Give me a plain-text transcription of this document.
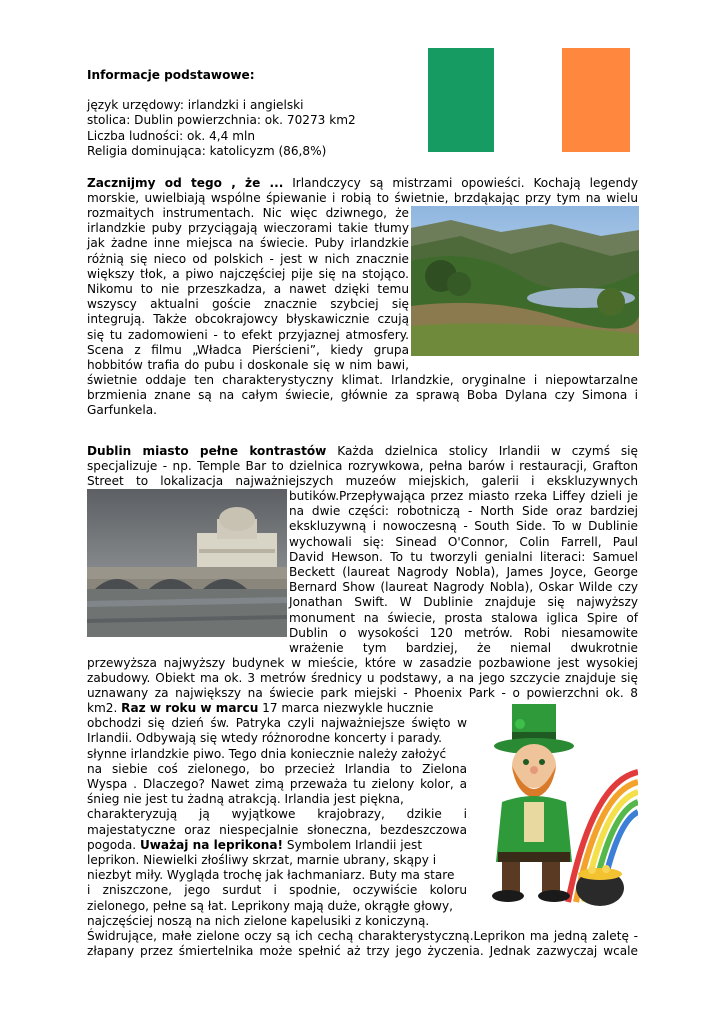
Informacje podstawowe:
język urzędowy: irlandzki i angielski
stolica: Dublin powierzchnia: ok. 70273 km2
Liczba ludności: ok. 4,4 mln
Religia dominująca: katolicyzm (86,8%)
Zacznijmy od tego , że ... Irlandczycy są mistrzami opowieści. Kochają legendy
morskie, uwielbiają wspólne śpiewanie i robią to świetnie, brzdąkając przy tym na wielu
rozmaitych instrumentach. Nic więc dziwnego, że
irlandzkie puby przyciągają wieczorami takie tłumy
jak żadne inne miejsca na świecie. Puby irlandzkie
różnią się nieco od polskich - jest w nich znacznie
większy tłok, a piwo najczęściej pije się na stojąco.
Nikomu to nie przeszkadza, a nawet dzięki temu
wszyscy aktualni goście znacznie szybciej się
integrują. Także obcokrajowcy błyskawicznie czują
się tu zadomowieni - to efekt przyjaznej atmosfery.
Scena z filmu „Władca Pierścieni”, kiedy grupa
hobbitów trafia do pubu i doskonale się w nim bawi,
świetnie oddaje ten charakterystyczny klimat. Irlandzkie, oryginalne i niepowtarzalne
brzmienia znane są na całym świecie, głównie za sprawą Boba Dylana czy Simona i
Garfunkela.
Dublin miasto pełne kontrastów Każda dzielnica stolicy Irlandii w czymś się
specjalizuje - np. Temple Bar to dzielnica rozrywkowa, pełna barów i restauracji, Grafton
Street to lokalizacja najważniejszych muzeów miejskich, galerii i ekskluzywnych
butików.Przepływająca przez miasto rzeka Liffey dzieli je
na dwie części: robotniczą - North Side oraz bardziej
ekskluzywną i nowoczesną - South Side. To w Dublinie
wychowali się: Sinead O'Connor, Colin Farrell, Paul
David Hewson. To tu tworzyli genialni literaci: Samuel
Beckett (laureat Nagrody Nobla), James Joyce, George
Bernard Show (laureat Nagrody Nobla), Oskar Wilde czy
Jonathan Swift. W Dublinie znajduje się najwyższy
monument na świecie, prosta stalowa iglica Spire of
Dublin o wysokości 120 metrów. Robi niesamowite
wrażenie tym bardziej, że niemal dwukrotnie
przewyższa najwyższy budynek w mieście, które w zasadzie pozbawione jest wysokiej
zabudowy. Obiekt ma ok. 3 metrów średnicy u podstawy, a na jego szczycie znajduje się
uznawany za największy na świecie park miejski - Phoenix Park - o powierzchni ok. 8
km2. Raz w roku w marcu 17 marca niezwykle hucznie
obchodzi się dzień św. Patryka czyli najważniejsze święto w
Irlandii. Odbywają się wtedy różnorodne koncerty i parady.
słynne irlandzkie piwo. Tego dnia koniecznie należy założyć
na siebie coś zielonego, bo przecież Irlandia to Zielona
Wyspa . Dlaczego? Nawet zimą przeważa tu zielony kolor, a
śnieg nie jest tu żadną atrakcją. Irlandia jest piękna,
charakteryzują ją wyjątkowe krajobrazy, dzikie i
majestatyczne oraz niespecjalnie słoneczna, bezdeszczowa
pogoda. Uważaj na leprikona! Symbolem Irlandii jest
leprikon. Niewielki złośliwy skrzat, marnie ubrany, skąpy i
niezbyt miły. Wygląda trochę jak łachmaniarz. Buty ma stare
i zniszczone, jego surdut i spodnie, oczywiście koloru
zielonego, pełne są łat. Leprikony mają duże, okrągłe głowy,
najczęściej noszą na nich zielone kapelusiki z koniczyną.
Świdrujące, małe zielone oczy są ich cechą charakterystyczną.Leprikon ma jedną zaletę -
złapany przez śmiertelnika może spełnić aż trzy jego życzenia. Jednak zazwyczaj wcale
